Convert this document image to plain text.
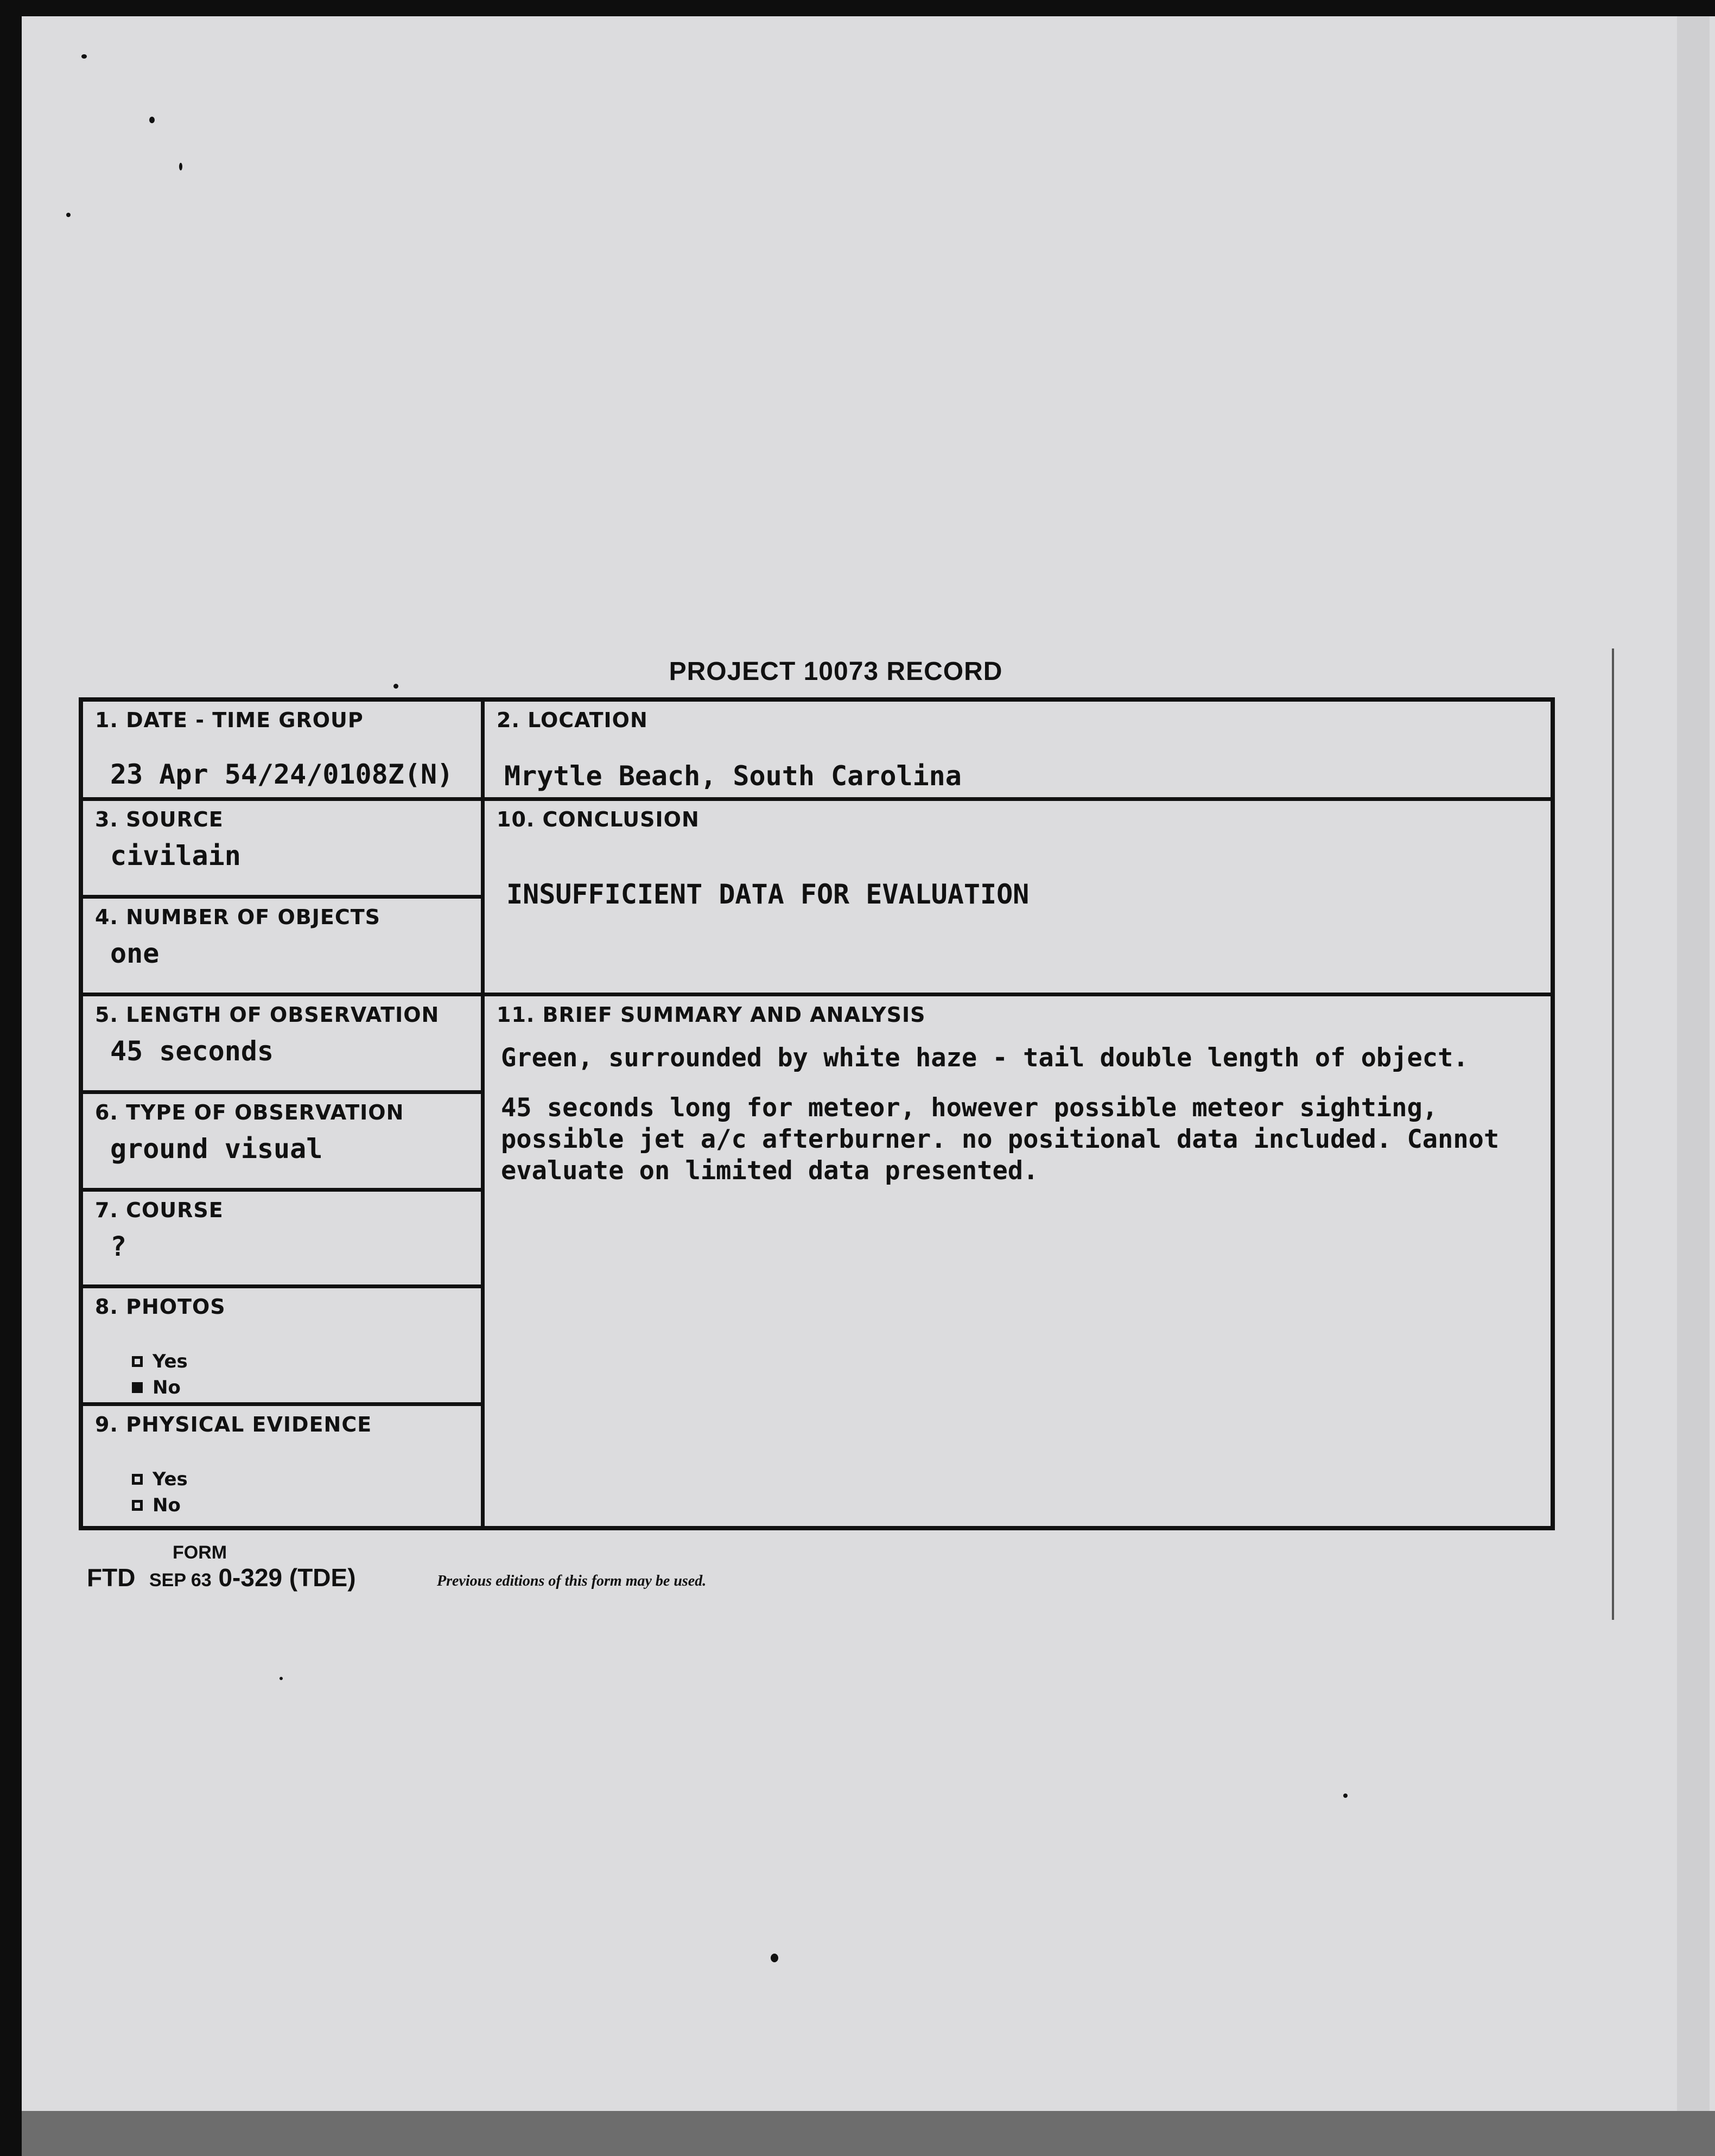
PROJECT 10073 RECORD
1. DATE - TIME GROUP
23 Apr 54/24/0108Z(N)
3. SOURCE
civilain
4. NUMBER OF OBJECTS
one
5. LENGTH OF OBSERVATION
45 seconds
6. TYPE OF OBSERVATION
ground visual
7. COURSE
?
8. PHOTOS
Yes
No
9. PHYSICAL EVIDENCE
Yes
No
2. LOCATION
Mrytle Beach, South Carolina
10. CONCLUSION
INSUFFICIENT DATA FOR EVALUATION
11. BRIEF SUMMARY AND ANALYSIS

Green, surrounded by white haze - tail double length of object.

45 seconds long for meteor, however possible meteor sighting, possible jet a/c afterburner. no positional data included. Cannot evaluate on limited data presented.

FORM
FTD SEP 63 0-329 (TDE)	Previous editions of this form may be used.
